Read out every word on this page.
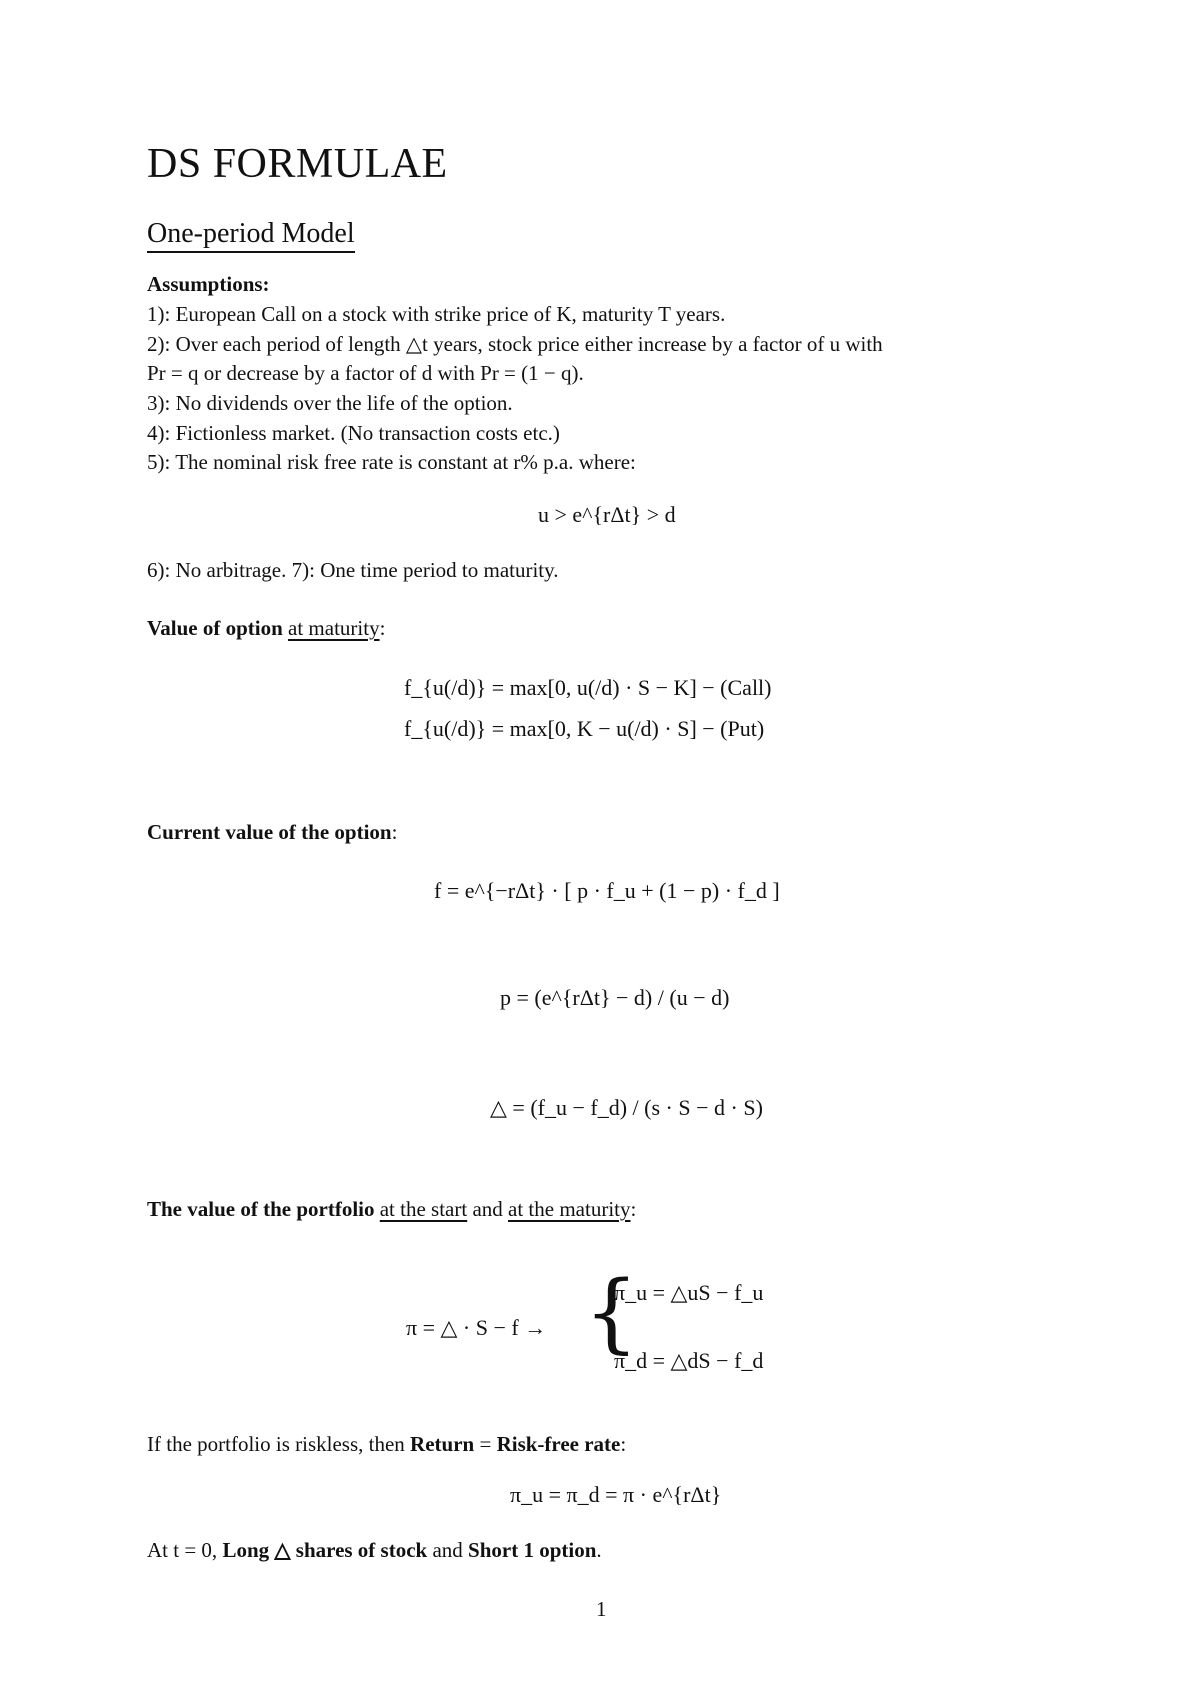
DS FORMULAE
One-period Model
Assumptions:
1): European Call on a stock with strike price of K, maturity T years.
2): Over each period of length △t years, stock price either increase by a factor of u with
Pr = q or decrease by a factor of d with Pr = (1 − q).
3): No dividends over the life of the option.
4): Fictionless market. (No transaction costs etc.)
5): The nominal risk free rate is constant at r% p.a. where:
u > e^{rΔt} > d
6): No arbitrage. 7): One time period to maturity.
Value of option at maturity:
f_{u(/d)} = max[0, u(/d) · S − K] − (Call)
f_{u(/d)} = max[0, K − u(/d) · S] − (Put)
Current value of the option:
f = e^{−rΔt} · [ p · f_u + (1 − p) · f_d ]
p = (e^{rΔt} − d) / (u − d)
△ = (f_u − f_d) / (s · S − d · S)
The value of the portfolio at the start and at the maturity:
π = △ · S − f → {
π_u = △uS − f_u
π_d = △dS − f_d
If the portfolio is riskless, then Return = Risk-free rate:
π_u = π_d = π · e^{rΔt}
At t = 0, Long △ shares of stock and Short 1 option.
1
